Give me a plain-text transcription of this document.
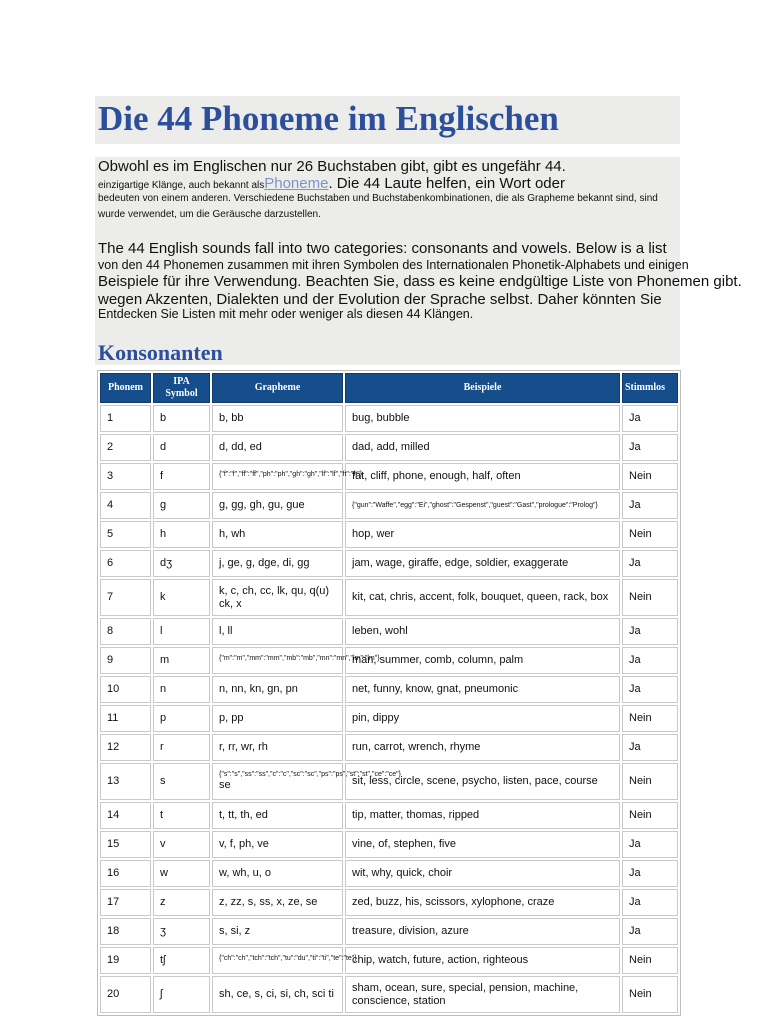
Die 44 Phoneme im Englischen

Obwohl es im Englischen nur 26 Buchstaben gibt, gibt es ungefähr 44.

einzigartige Klänge, auch bekannt alsPhoneme. Die 44 Laute helfen, ein Wort oder

bedeuten von einem anderen. Verschiedene Buchstaben und Buchstabenkombinationen, die als Grapheme bekannt sind, sind

wurde verwendet, um die Geräusche darzustellen.

The 44 English sounds fall into two categories: consonants and vowels. Below is a list

von den 44 Phonemen zusammen mit ihren Symbolen des Internationalen Phonetik-Alphabets und einigen

Beispiele für ihre Verwendung. Beachten Sie, dass es keine endgültige Liste von Phonemen gibt.

wegen Akzenten, Dialekten und der Evolution der Sprache selbst. Daher könnten Sie

Entdecken Sie Listen mit mehr oder weniger als diesen 44 Klängen.

Konsonanten
Phonem	IPA
Symbol	Grapheme	Beispiele	Stimmlos
1	b	b, bb	bug, bubble	Ja
2	d	d, dd, ed	dad, add, milled	Ja
3	f	{"f":"f","ff":"ff","ph":"ph","gh":"gh","lf":"lf","ft":"ft"}	fat, cliff, phone, enough, half, often	Nein
4	g	g, gg, gh, gu, gue	{"gun":"Waffe","egg":"Ei","ghost":"Gespenst","guest":"Gast","prologue":"Prolog"}	Ja
5	h	h, wh	hop, wer	Nein
6	dʒ	j, ge, g, dge, di, gg	jam, wage, giraffe, edge, soldier, exaggerate	Ja
7	k	k, c, ch, cc, lk, qu, q(u) ck, x	kit, cat, chris, accent, folk, bouquet, queen, rack, box	Nein
8	l	l, ll	leben, wohl	Ja
9	m	{"m":"m","mm":"mm","mb":"mb","mn":"mn","lm":"lm"}	man, summer, comb, column, palm	Ja
10	n	n, nn, kn, gn, pn	net, funny, know, gnat, pneumonic	Ja
11	p	p, pp	pin, dippy	Nein
12	r	r, rr, wr, rh	run, carrot, wrench, rhyme	Ja
13	s	{"s":"s","ss":"ss","c":"c","sc":"sc","ps":"ps","st":"st","ce":"ce"}
se	sit, less, circle, scene, psycho, listen, pace, course	Nein
14	t	t, tt, th, ed	tip, matter, thomas, ripped	Nein
15	v	v, f, ph, ve	vine, of, stephen, five	Ja
16	w	w, wh, u, o	wit, why, quick, choir	Ja
17	z	z, zz, s, ss, x, ze, se	zed, buzz, his, scissors, xylophone, craze	Ja
18	ʒ	s, si, z	treasure, division, azure	Ja
19	tʃ	{"ch":"ch","tch":"tch","tu":"du","ti":"ti","te":"te"}	chip, watch, future, action, righteous	Nein
20	ʃ	sh, ce, s, ci, si, ch, sci ti	sham, ocean, sure, special, pension, machine, conscience, station	Nein
